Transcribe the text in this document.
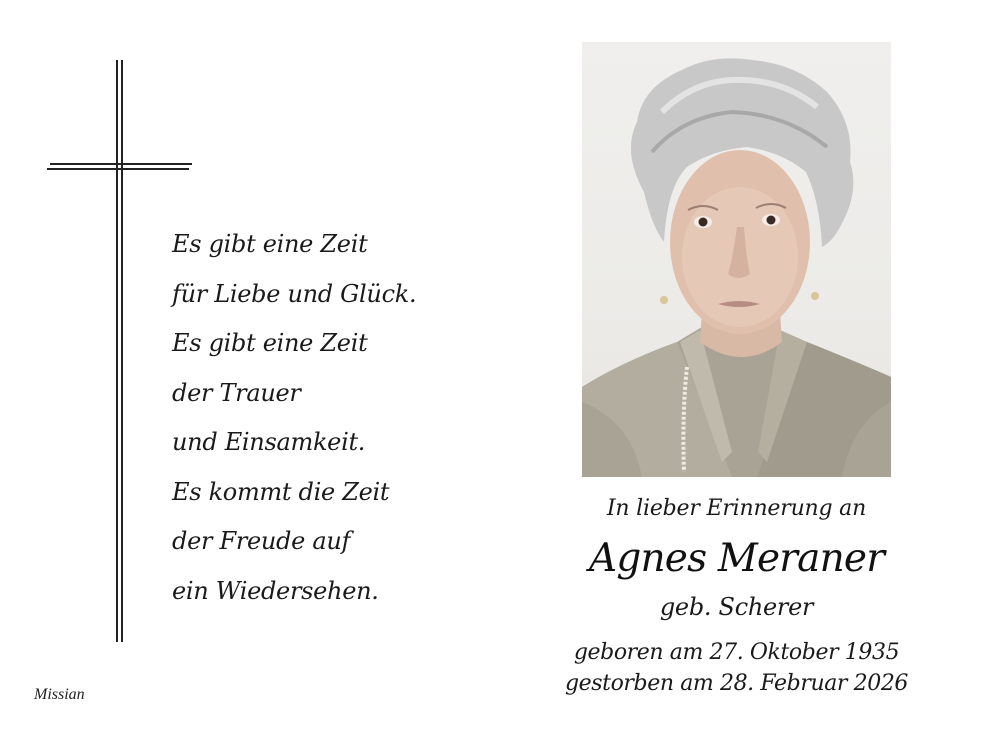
Es gibt eine Zeit
für Liebe und Glück.
Es gibt eine Zeit
der Trauer
und Einsamkeit.
Es kommt die Zeit
der Freude auf
ein Wiedersehen.
Missian
In lieber Erinnerung an
Agnes Meraner
geb. Scherer
geboren am 27. Oktober 1935
gestorben am 28. Februar 2026
